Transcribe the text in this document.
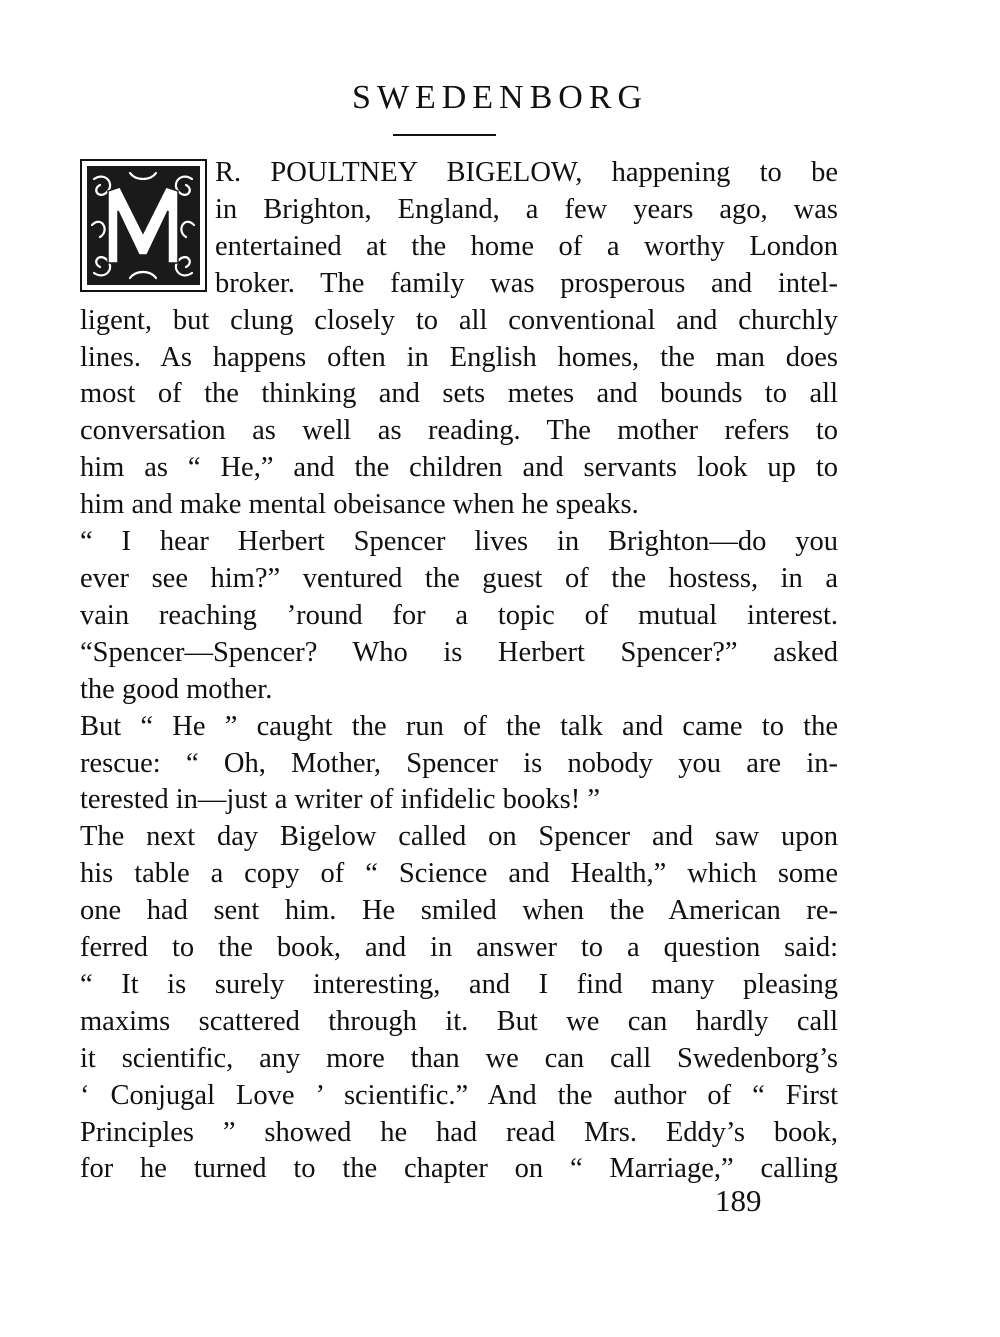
SWEDENBORG
R. POULTNEY BIGELOW, happening to be
in Brighton, England, a few years ago, was
entertained at the home of a worthy London
broker. The family was prosperous and intel-
ligent, but clung closely to all conventional and churchly
lines. As happens often in English homes, the man does
most of the thinking and sets metes and bounds to all
conversation as well as reading. The mother refers to
him as “ He,” and the children and servants look up to
him and make mental obeisance when he speaks.
“ I hear Herbert Spencer lives in Brighton—do you
ever see him?” ventured the guest of the hostess, in a
vain reaching ’round for a topic of mutual interest.
“Spencer—Spencer? Who is Herbert Spencer?” asked
the good mother.
But “ He ” caught the run of the talk and came to the
rescue: “ Oh, Mother, Spencer is nobody you are in-
terested in—just a writer of infidelic books! ”
The next day Bigelow called on Spencer and saw upon
his table a copy of “ Science and Health,” which some
one had sent him. He smiled when the American re-
ferred to the book, and in answer to a question said:
“ It is surely interesting, and I find many pleasing
maxims scattered through it. But we can hardly call
it scientific, any more than we can call Swedenborg’s
‘ Conjugal Love ’ scientific.” And the author of “ First
Principles ” showed he had read Mrs. Eddy’s book,
for he turned to the chapter on “ Marriage,” calling
189
